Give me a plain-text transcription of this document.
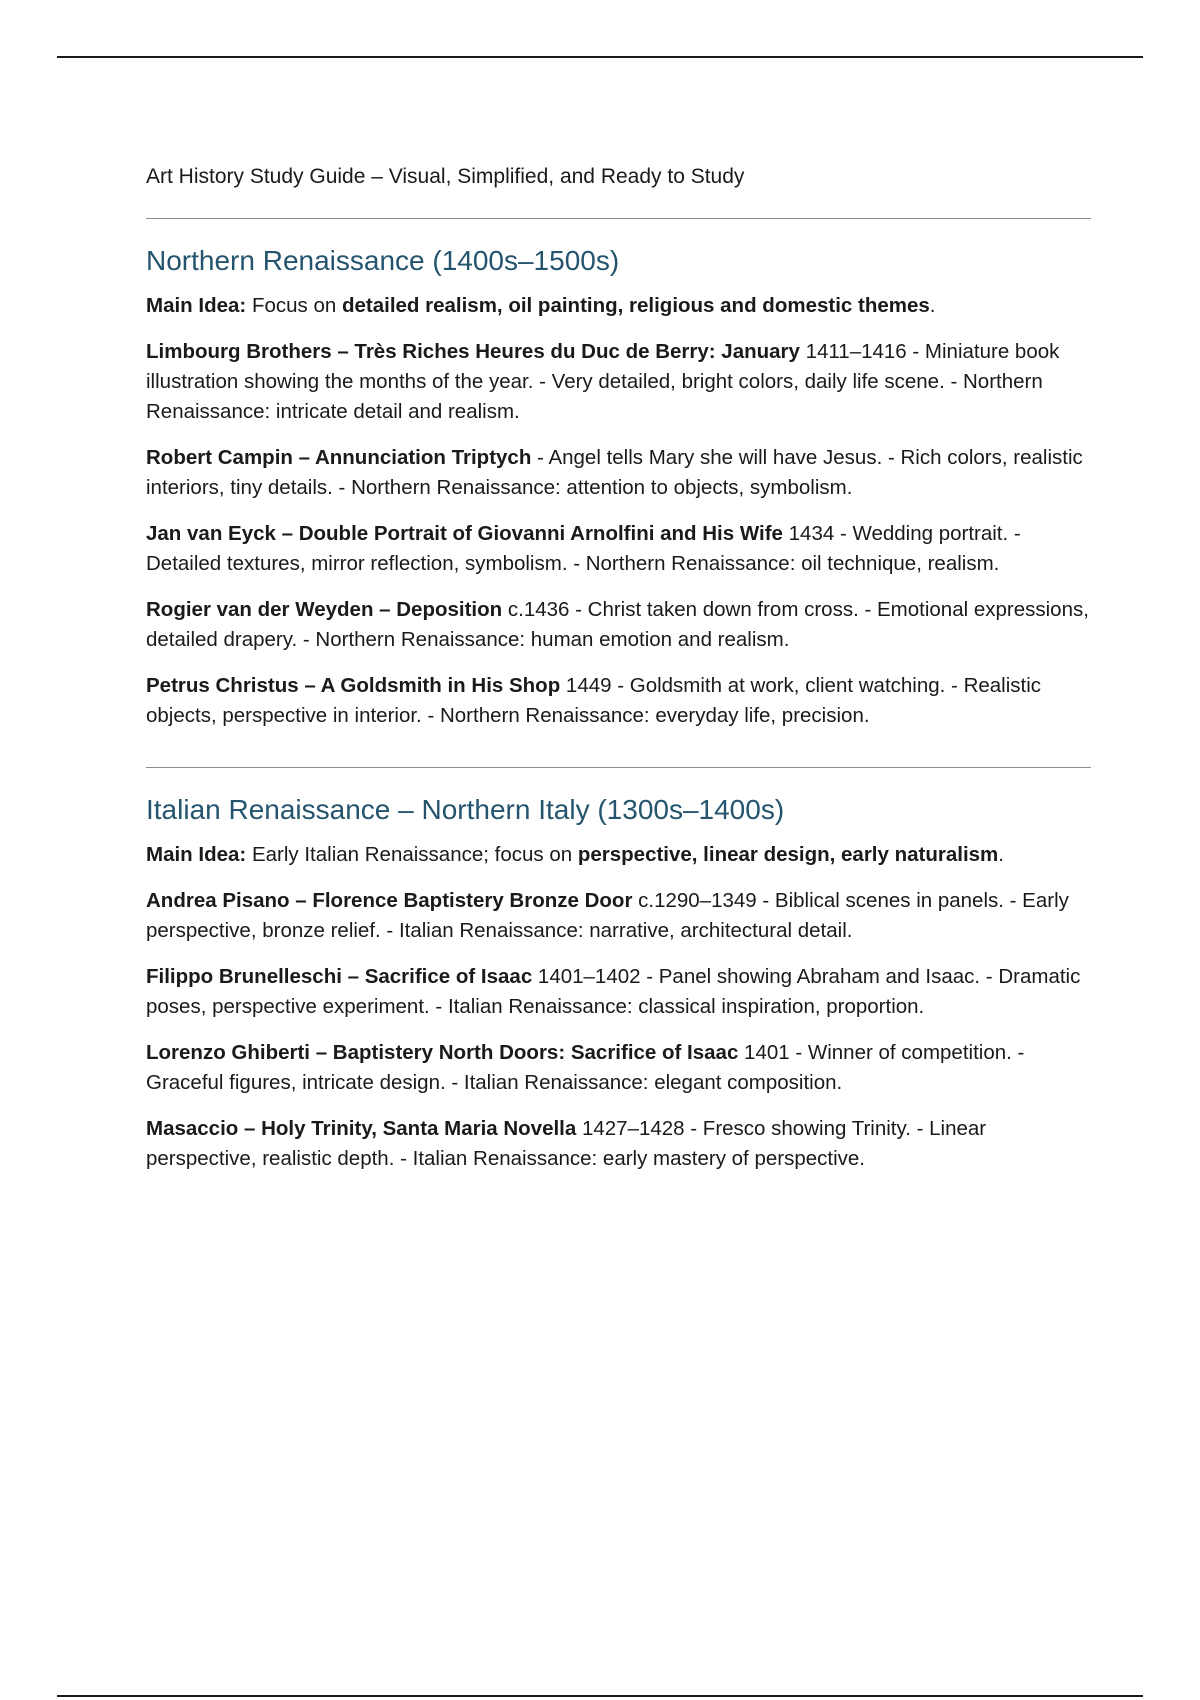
Art History Study Guide – Visual, Simplified, and Ready to Study

Northern Renaissance (1400s–1500s)

Main Idea: Focus on detailed realism, oil painting, religious and domestic themes.

Limbourg Brothers – Très Riches Heures du Duc de Berry: January 1411–1416 - Miniature book illustration showing the months of the year. - Very detailed, bright colors, daily life scene. - Northern Renaissance: intricate detail and realism.

Robert Campin – Annunciation Triptych - Angel tells Mary she will have Jesus. - Rich colors, realistic interiors, tiny details. - Northern Renaissance: attention to objects, symbolism.

Jan van Eyck – Double Portrait of Giovanni Arnolfini and His Wife 1434 - Wedding portrait. - Detailed textures, mirror reflection, symbolism. - Northern Renaissance: oil technique, realism.

Rogier van der Weyden – Deposition c.1436 - Christ taken down from cross. - Emotional expressions, detailed drapery. - Northern Renaissance: human emotion and realism.

Petrus Christus – A Goldsmith in His Shop 1449 - Goldsmith at work, client watching. - Realistic objects, perspective in interior. - Northern Renaissance: everyday life, precision.

Italian Renaissance – Northern Italy (1300s–1400s)

Main Idea: Early Italian Renaissance; focus on perspective, linear design, early naturalism.

Andrea Pisano – Florence Baptistery Bronze Door c.1290–1349 - Biblical scenes in panels. - Early perspective, bronze relief. - Italian Renaissance: narrative, architectural detail.

Filippo Brunelleschi – Sacrifice of Isaac 1401–1402 - Panel showing Abraham and Isaac. - Dramatic poses, perspective experiment. - Italian Renaissance: classical inspiration, proportion.

Lorenzo Ghiberti – Baptistery North Doors: Sacrifice of Isaac 1401 - Winner of competition. - Graceful figures, intricate design. - Italian Renaissance: elegant composition.

Masaccio – Holy Trinity, Santa Maria Novella 1427–1428 - Fresco showing Trinity. - Linear perspective, realistic depth. - Italian Renaissance: early mastery of perspective.
